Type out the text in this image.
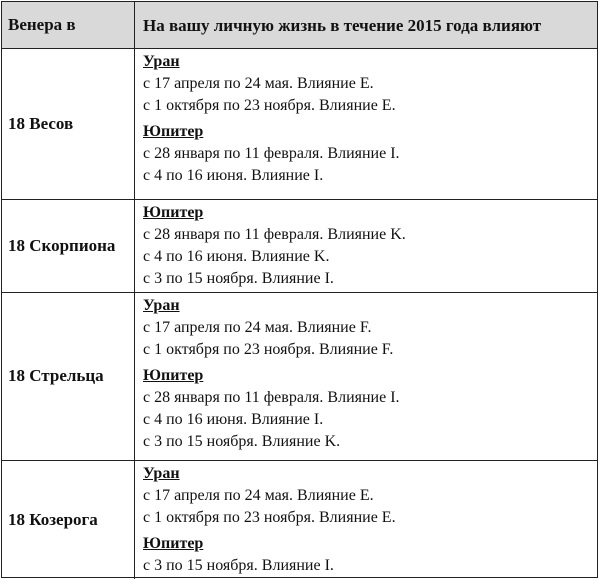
Венера в	На вашу личную жизнь в течение 2015 года влияют
18 Весов
Уран
с 17 апреля по 24 мая. Влияние E.
с 1 октября по 23 ноября. Влияние E.
Юпитер
с 28 января по 11 февраля. Влияние I.
с 4 по 16 июня. Влияние I.
18 Скорпиона
Юпитер
с 28 января по 11 февраля. Влияние K.
с 4 по 16 июня. Влияние K.
с 3 по 15 ноября. Влияние I.
18 Стрельца
Уран
с 17 апреля по 24 мая. Влияние F.
с 1 октября по 23 ноября. Влияние F.
Юпитер
с 28 января по 11 февраля. Влияние I.
с 4 по 16 июня. Влияние I.
с 3 по 15 ноября. Влияние K.
18 Козерога
Уран
с 17 апреля по 24 мая. Влияние E.
с 1 октября по 23 ноября. Влияние E.
Юпитер
с 3 по 15 ноября. Влияние I.
